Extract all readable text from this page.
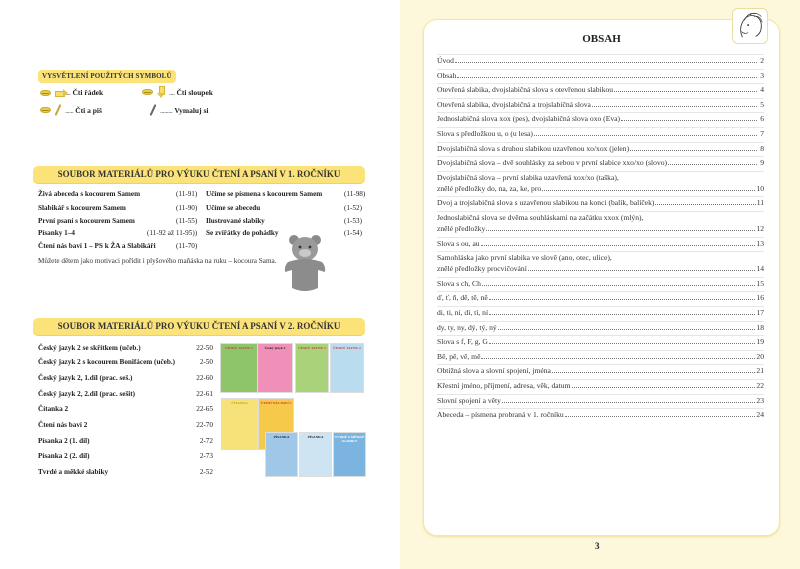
VYSVĚTLENÍ POUŽITÝCH SYMBOLŮ
.... Čti řádek	.... Čti sloupek
...... Čti a piš	......... Vymaluj si
SOUBOR MATERIÁLŮ PRO VÝUKU ČTENÍ A PSANÍ V 1. ROČNÍKU
Živá abeceda s kocourem Samem	(11-91)
Slabikář s kocourem Samem	(11-90)
První psaní s kocourem Samem	(11-55)
Písanky 1–4	(11-92 až 11-95))
Čtení nás baví 1 – PS k ŽA a Slabikáři	(11-70)
Učíme se písmena s kocourem Samem	(11-98)
Učíme se abecedu	(1-52)
Ilustrované slabiky	(1-53)
Se zvířátky do pohádky	(1-54)
Můžete dětem jako motivaci pořídit i plyšového maňáska na ruku – kocoura Sama.
SOUBOR MATERIÁLŮ PRO VÝUKU ČTENÍ A PSANÍ V 2. ROČNÍKU
Český jazyk 2 se skřítkem (učeb.)	22-50
Český jazyk 2 s kocourem Bonifácem (učeb.)	2-50
Český jazyk 2, 1.díl (prac. seš.)	22-60
Český jazyk 2, 2.díl (prac. sešit)	22-61
Čítanka 2	22-65
Čtení nás baví 2	22-70
Písanka 2 (1. díl)	2-72
Písanka 2 (2. díl)	2-73
Tvrdé a měkké slabiky	2-52
ČESKÝ JAZYK 2	Český jazyk 2	ČESKÝ JAZYK 2	ČESKÝ JAZYK 2
ČÍTANKA	ČTENÍ NÁS BAVÍ 2
PÍSANKA	PÍSANKA	TVRDÉ A MĚKKÉ SLABIKY
OBSAH
Úvod	2
Obsah	3
Otevřená slabika, dvojslabičná slova s otevřenou slabikou	4
Otevřená slabika, dvojslabičná a trojslabičná slova	5
Jednoslabičná slova xox (pes), dvojslabičná slova oxo (Eva)	6
Slova s předložkou u, o (u lesa)	7
Dvojslabičná slova s druhou slabikou uzavřenou xo/xox (jelen)	8
Dvojslabičná slova – dvě souhlásky za sebou v první slabice xxo/xo (slovo)	9
Dvojslabičná slova – první slabika uzavřená xox/xo (taška),
znělé předložky do, na, za, ke, pro	10
Dvoj a trojslabičná slova s uzavřenou slabikou na konci (balík, balíček)	11
Jednoslabičná slova se dvěma souhláskami na začátku xxox (mlýn),
znělé předložky	12
Slova s ou, au	13
Samohláska jako první slabika ve slově (ano, otec, ulice),
znělé předložky procvičování	14
Slova s ch, Ch	15
ď, ť, ň, dě, tě, ně	16
di, ti, ni, dí, tí, ní	17
dy, ty, ny, dý, tý, ný	18
Slova s f, F, g, G	19
Bě, pě, vě, mě	20
Obtížná slova a slovní spojení, jména	21
Křestní jméno, příjmení, adresa, věk, datum	22
Slovní spojení a věty	23
Abeceda – písmena probraná v 1. ročníku	24
3
